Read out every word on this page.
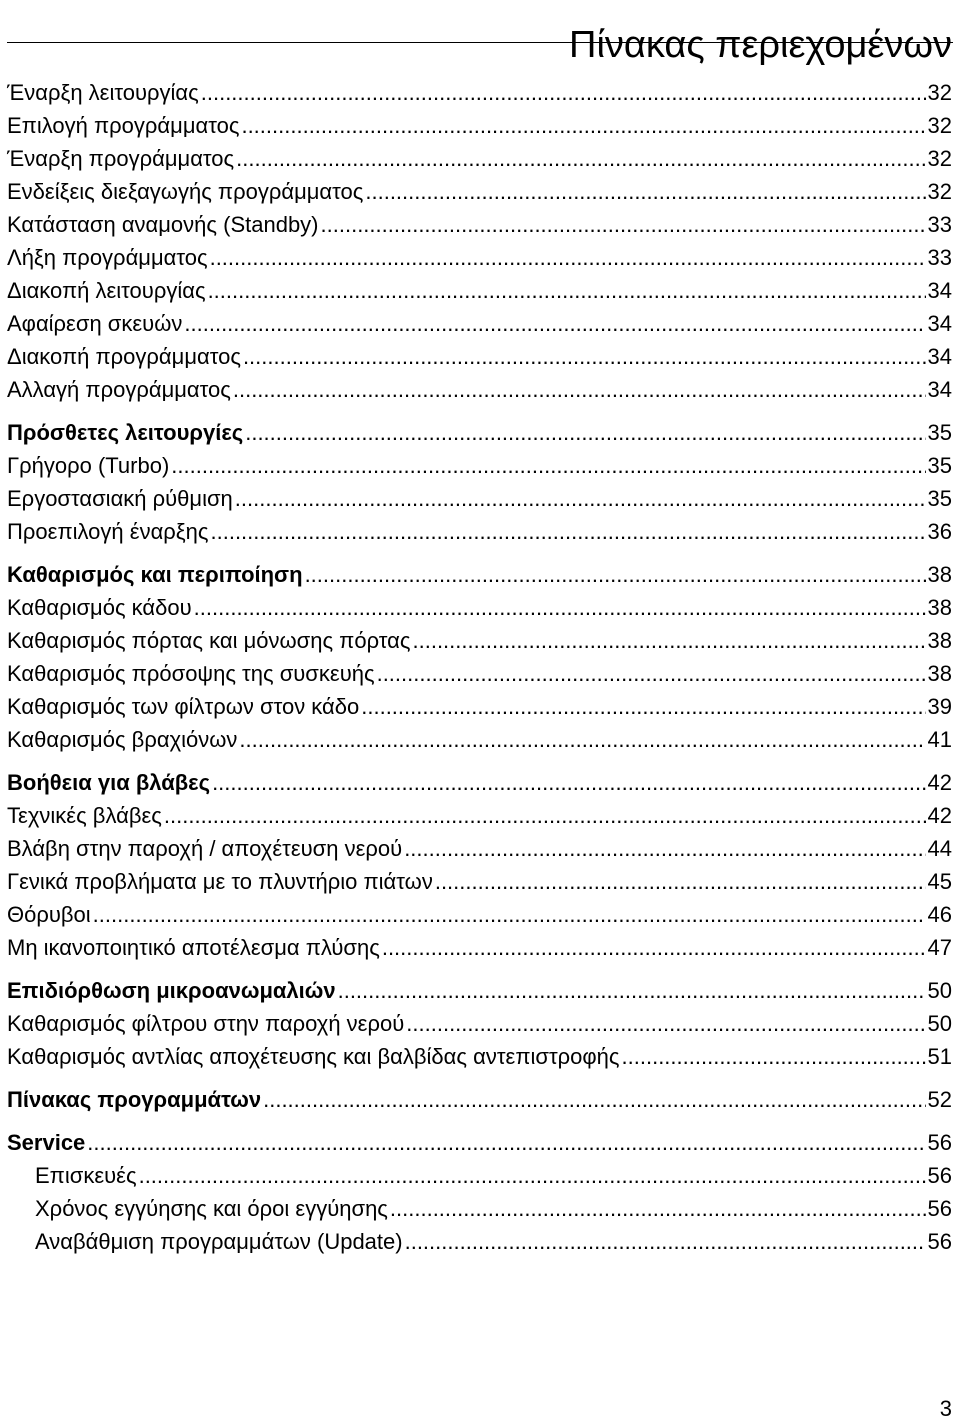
Πίνακας περιεχομένων
Έναρξη λειτουργίας .....	32
Επιλογή προγράμματος .....	32
Έναρξη προγράμματος .....	32
Ενδείξεις διεξαγωγής προγράμματος .....	32
Κατάσταση αναμονής (Standby) .....	33
Λήξη προγράμματος .....	33
Διακοπή λειτουργίας .....	34
Αφαίρεση σκευών .....	34
Διακοπή προγράμματος .....	34
Αλλαγή προγράμματος .....	34
Πρόσθετες λειτουργίες .....	35
Γρήγορο (Turbo) .....	35
Εργοστασιακή ρύθμιση .....	35
Προεπιλογή έναρξης .....	36
Καθαρισμός και περιποίηση .....	38
Καθαρισμός κάδου .....	38
Καθαρισμός πόρτας και μόνωσης πόρτας .....	38
Καθαρισμός πρόσοψης της συσκευής .....	38
Καθαρισμός των φίλτρων στον κάδο .....	39
Καθαρισμός βραχιόνων .....	41
Βοήθεια για βλάβες .....	42
Τεχνικές βλάβες .....	42
Βλάβη στην παροχή / αποχέτευση νερού .....	44
Γενικά προβλήματα με το πλυντήριο πιάτων .....	45
Θόρυβοι .....	46
Μη ικανοποιητικό αποτέλεσμα πλύσης .....	47
Επιδιόρθωση μικροανωμαλιών .....	50
Καθαρισμός φίλτρου στην παροχή νερού .....	50
Καθαρισμός αντλίας αποχέτευσης και βαλβίδας αντεπιστροφής .....	51
Πίνακας προγραμμάτων .....	52
Service .....	56
Επισκευές .....	56
Χρόνος εγγύησης και όροι εγγύησης .....	56
Αναβάθμιση προγραμμάτων (Update) .....	56
3
